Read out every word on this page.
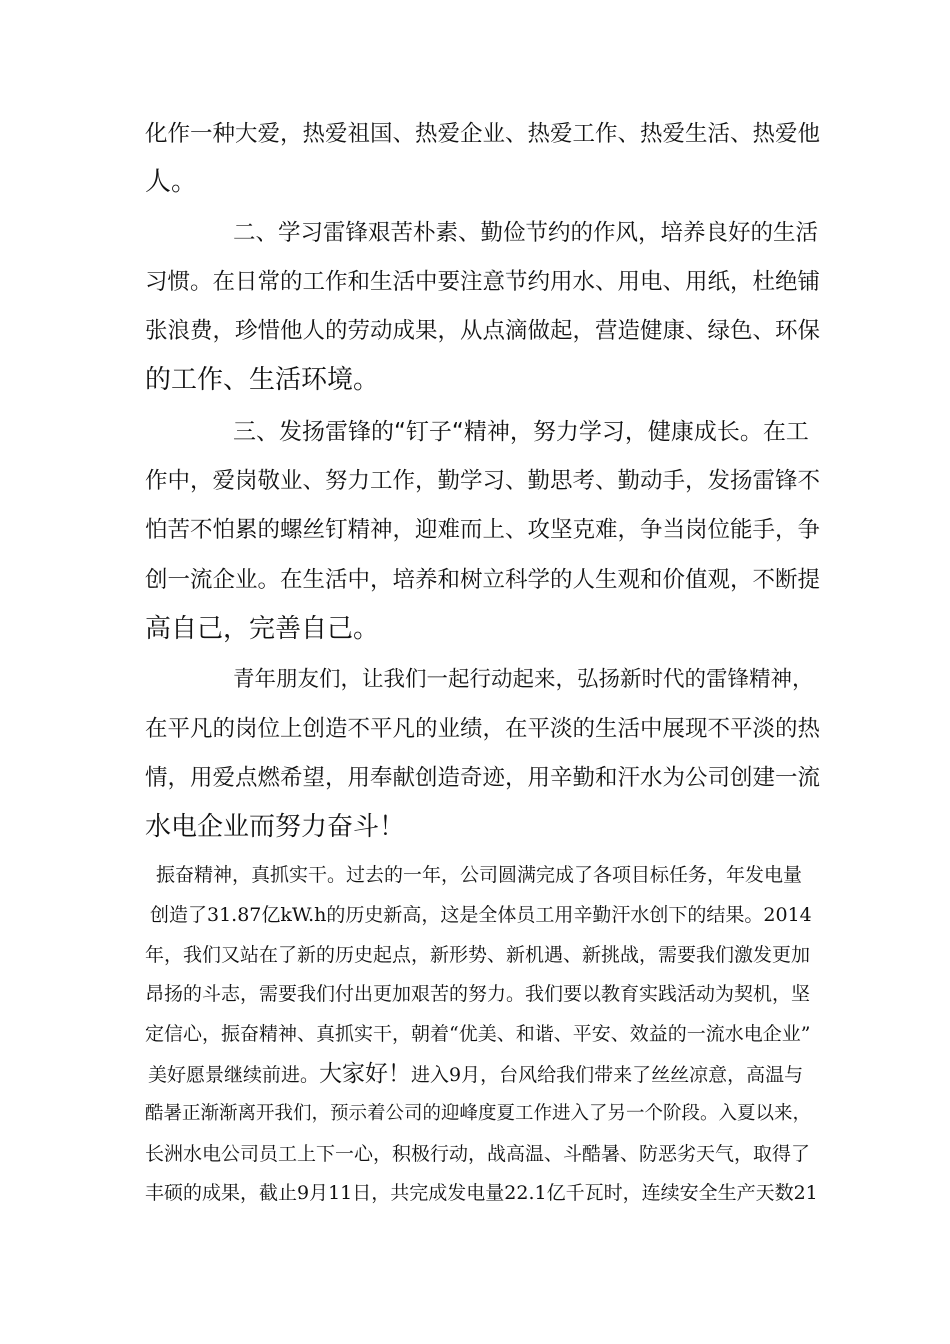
化作一种大爱，热爱祖国、热爱企业、热爱工作、热爱生活、热爱他
人。
二、学习雷锋艰苦朴素、勤俭节约的作风，培养良好的生活
习惯。在日常的工作和生活中要注意节约用水、用电、用纸，杜绝铺
张浪费，珍惜他人的劳动成果，从点滴做起，营造健康、绿色、环保
的工作、生活环境。
三、发扬雷锋的“钉子“精神，努力学习，健康成长。在工
作中，爱岗敬业、努力工作，勤学习、勤思考、勤动手，发扬雷锋不
怕苦不怕累的螺丝钉精神，迎难而上、攻坚克难，争当岗位能手，争
创一流企业。在生活中，培养和树立科学的人生观和价值观，不断提
高自己，完善自己。
青年朋友们，让我们一起行动起来，弘扬新时代的雷锋精神，
在平凡的岗位上创造不平凡的业绩，在平淡的生活中展现不平淡的热
情，用爱点燃希望，用奉献创造奇迹，用辛勤和汗水为公司创建一流
水电企业而努力奋斗！
振奋精神，真抓实干。过去的一年，公司圆满完成了各项目标任务，年发电量
创造了31.87亿kW.h的历史新高，这是全体员工用辛勤汗水创下的结果。2014
年，我们又站在了新的历史起点，新形势、新机遇、新挑战，需要我们激发更加
昂扬的斗志，需要我们付出更加艰苦的努力。我们要以教育实践活动为契机，坚
定信心，振奋精神、真抓实干，朝着“优美、和谐、平安、效益的一流水电企业”
美好愿景继续前进。大家好！进入9月，台风给我们带来了丝丝凉意，高温与
酷暑正渐渐离开我们，预示着公司的迎峰度夏工作进入了另一个阶段。入夏以来，
长洲水电公司员工上下一心，积极行动，战高温、斗酷暑、防恶劣天气，取得了
丰硕的成果，截止9月11日，共完成发电量22.1亿千瓦时，连续安全生产天数21
